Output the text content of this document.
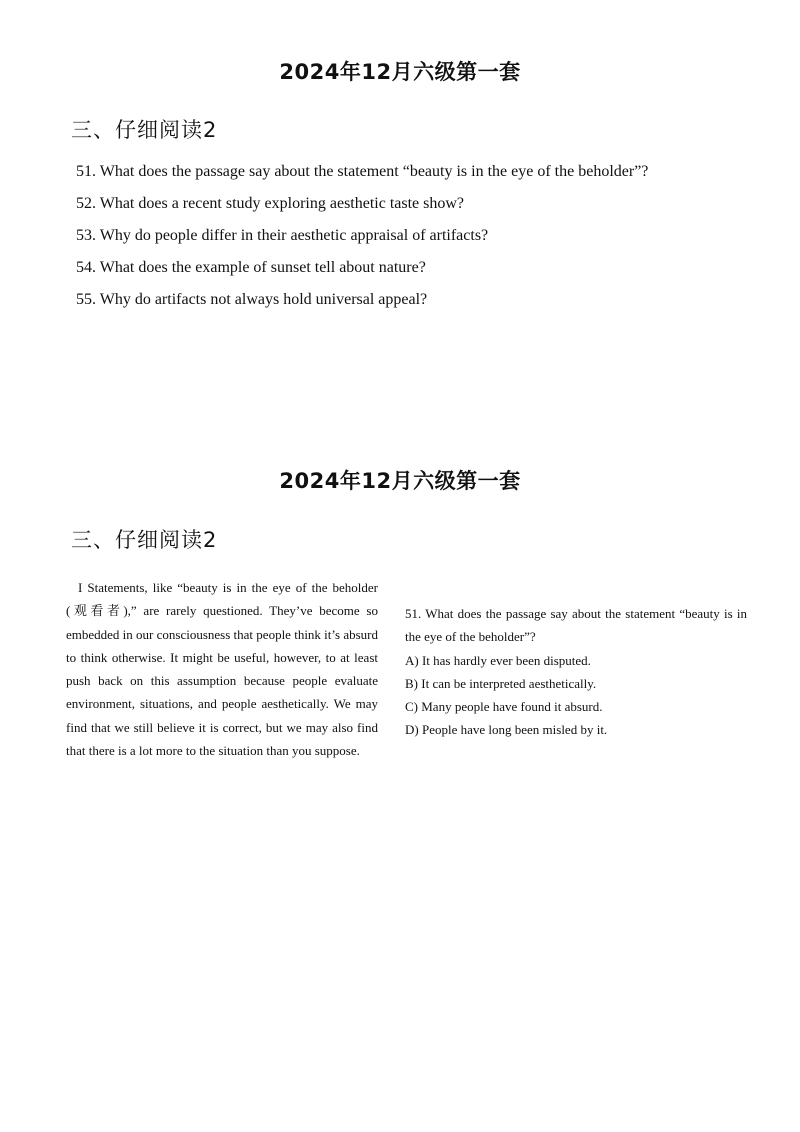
2024年12月六级第一套
三、仔细阅读2

51. What does the passage say about the statement “beauty is in the eye of the beholder”?

52. What does a recent study exploring aesthetic taste show?

53. Why do people differ in their aesthetic appraisal of artifacts?

54. What does the example of sunset tell about nature?

55. Why do artifacts not always hold universal appeal?

2024年12月六级第一套
三、仔细阅读2

I Statements, like “beauty is in the eye of the beholder (观看者),” are rarely questioned. They’ve become so embedded in our consciousness that people think it’s absurd to think otherwise. It might be useful, however, to at least push back on this assumption because people evaluate environment, situations, and people aesthetically. We may find that we still believe it is correct, but we may also find that there is a lot more to the situation than you suppose.

51. What does the passage say about the statement “beauty is in the eye of the beholder”?

A) It has hardly ever been disputed.

B) It can be interpreted aesthetically.

C) Many people have found it absurd.

D) People have long been misled by it.
